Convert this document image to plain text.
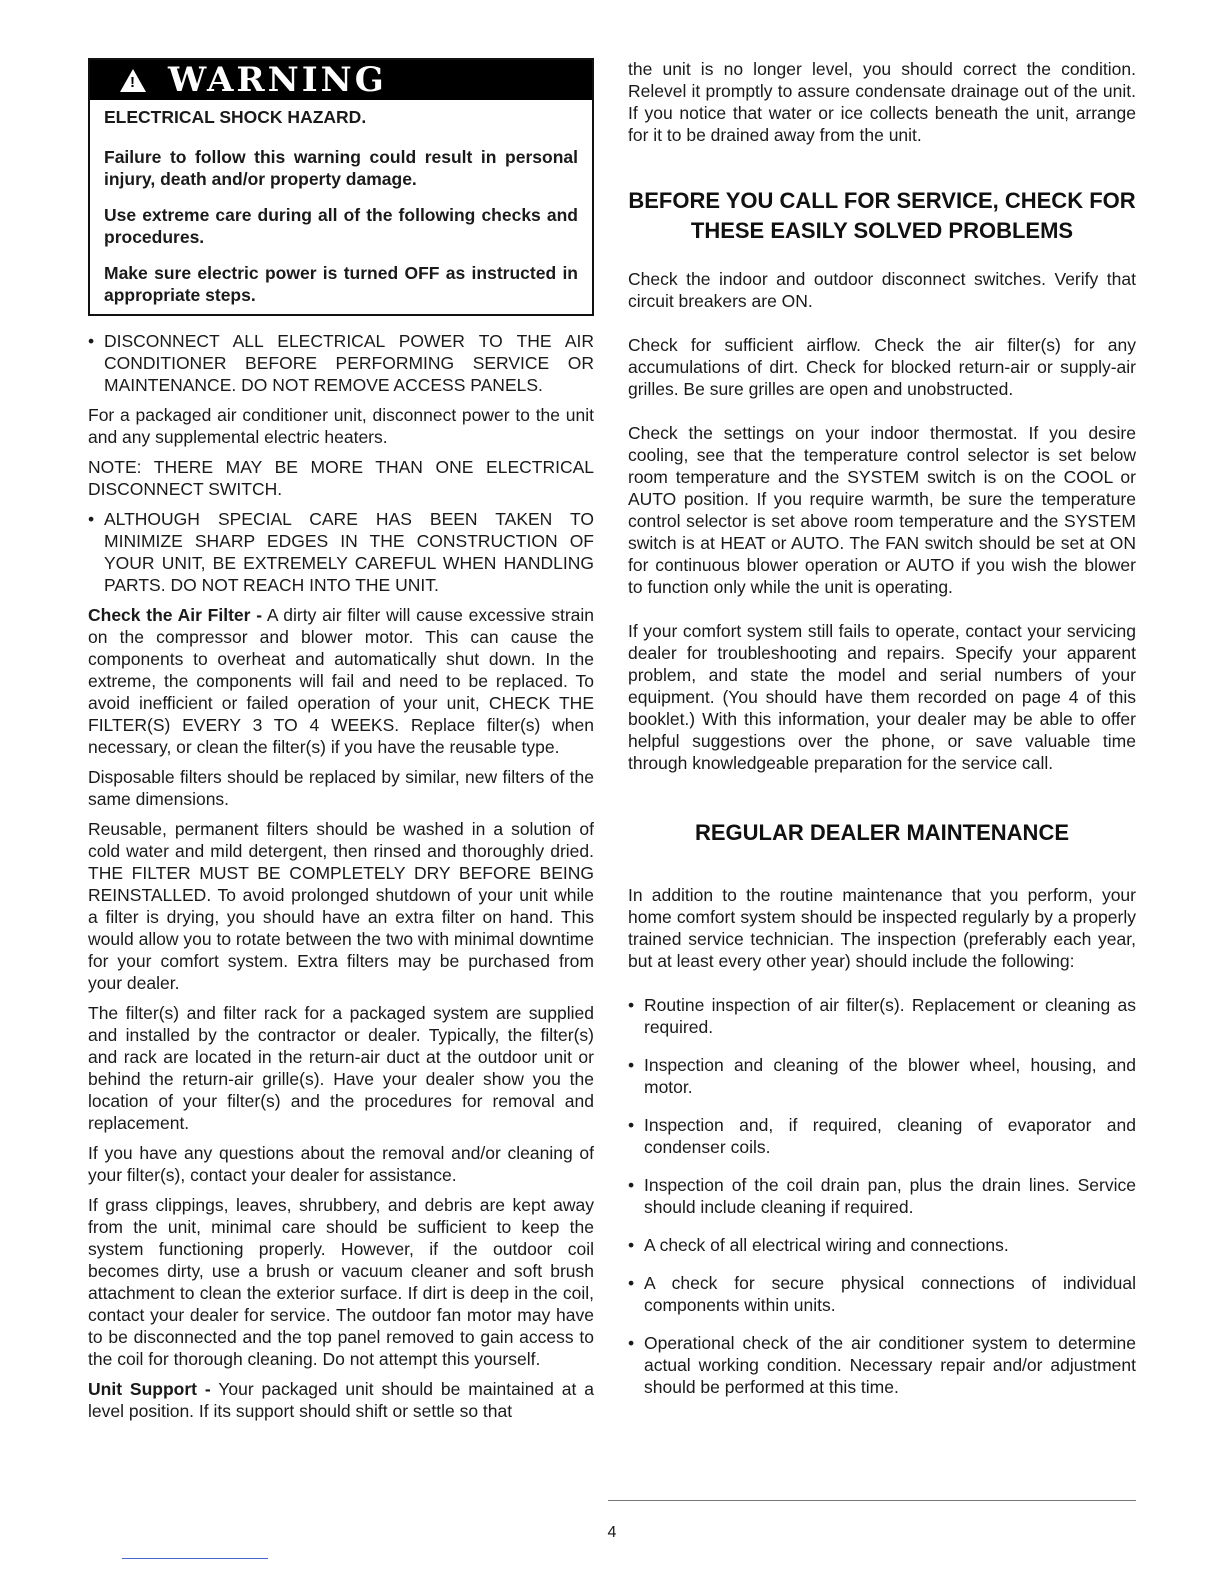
! WARNING

ELECTRICAL SHOCK HAZARD.

Failure to follow this warning could result in personal injury, death and/or property damage.

Use extreme care during all of the following checks and procedures.

Make sure electric power is turned OFF as instructed in appropriate steps.

• DISCONNECT ALL ELECTRICAL POWER TO THE AIR CONDITIONER BEFORE PERFORMING SERVICE OR MAINTENANCE. DO NOT REMOVE ACCESS PANELS.

For a packaged air conditioner unit, disconnect power to the unit and any supplemental electric heaters.

NOTE: THERE MAY BE MORE THAN ONE ELECTRICAL DISCONNECT SWITCH.

• ALTHOUGH SPECIAL CARE HAS BEEN TAKEN TO MINIMIZE SHARP EDGES IN THE CONSTRUCTION OF YOUR UNIT, BE EXTREMELY CAREFUL WHEN HANDLING PARTS. DO NOT REACH INTO THE UNIT.

Check the Air Filter - A dirty air filter will cause excessive strain on the compressor and blower motor. This can cause the components to overheat and automatically shut down. In the extreme, the components will fail and need to be replaced. To avoid inefficient or failed operation of your unit, CHECK THE FILTER(S) EVERY 3 TO 4 WEEKS. Replace filter(s) when necessary, or clean the filter(s) if you have the reusable type.

Disposable filters should be replaced by similar, new filters of the same dimensions.

Reusable, permanent filters should be washed in a solution of cold water and mild detergent, then rinsed and thoroughly dried. THE FILTER MUST BE COMPLETELY DRY BEFORE BEING REINSTALLED. To avoid prolonged shutdown of your unit while a filter is drying, you should have an extra filter on hand. This would allow you to rotate between the two with minimal downtime for your comfort system. Extra filters may be purchased from your dealer.

The filter(s) and filter rack for a packaged system are supplied and installed by the contractor or dealer. Typically, the filter(s) and rack are located in the return-air duct at the outdoor unit or behind the return-air grille(s). Have your dealer show you the location of your filter(s) and the procedures for removal and replacement.

If you have any questions about the removal and/or cleaning of your filter(s), contact your dealer for assistance.

If grass clippings, leaves, shrubbery, and debris are kept away from the unit, minimal care should be sufficient to keep the system functioning properly. However, if the outdoor coil becomes dirty, use a brush or vacuum cleaner and soft brush attachment to clean the exterior surface. If dirt is deep in the coil, contact your dealer for service. The outdoor fan motor may have to be disconnected and the top panel removed to gain access to the coil for thorough cleaning. Do not attempt this yourself.

Unit Support - Your packaged unit should be maintained at a level position. If its support should shift or settle so that

the unit is no longer level, you should correct the condition. Relevel it promptly to assure condensate drainage out of the unit. If you notice that water or ice collects beneath the unit, arrange for it to be drained away from the unit.

BEFORE YOU CALL FOR SERVICE, CHECK FOR THESE EASILY SOLVED PROBLEMS

Check the indoor and outdoor disconnect switches. Verify that circuit breakers are ON.

Check for sufficient airflow. Check the air filter(s) for any accumulations of dirt. Check for blocked return-air or supply-air grilles. Be sure grilles are open and unobstructed.

Check the settings on your indoor thermostat. If you desire cooling, see that the temperature control selector is set below room temperature and the SYSTEM switch is on the COOL or AUTO position. If you require warmth, be sure the temperature control selector is set above room temperature and the SYSTEM switch is at HEAT or AUTO. The FAN switch should be set at ON for continuous blower operation or AUTO if you wish the blower to function only while the unit is operating.

If your comfort system still fails to operate, contact your servicing dealer for troubleshooting and repairs. Specify your apparent problem, and state the model and serial numbers of your equipment. (You should have them recorded on page 4 of this booklet.) With this information, your dealer may be able to offer helpful suggestions over the phone, or save valuable time through knowledgeable preparation for the service call.

REGULAR DEALER MAINTENANCE

In addition to the routine maintenance that you perform, your home comfort system should be inspected regularly by a properly trained service technician. The inspection (preferably each year, but at least every other year) should include the following:

• Routine inspection of air filter(s). Replacement or cleaning as required.

• Inspection and cleaning of the blower wheel, housing, and motor.

• Inspection and, if required, cleaning of evaporator and condenser coils.

• Inspection of the coil drain pan, plus the drain lines. Service should include cleaning if required.

• A check of all electrical wiring and connections.

• A check for secure physical connections of individual components within units.

• Operational check of the air conditioner system to determine actual working condition. Necessary repair and/or adjustment should be performed at this time.

4
